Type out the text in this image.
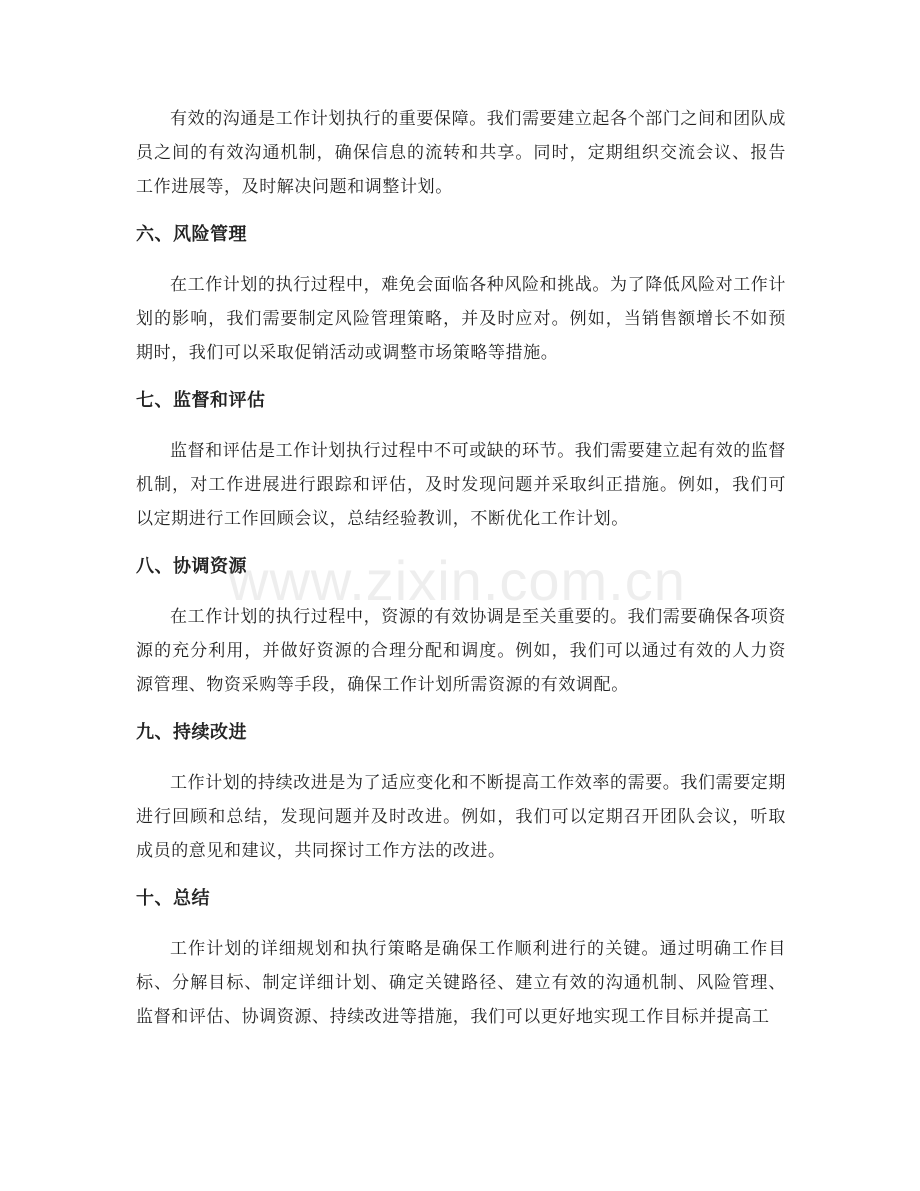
有效的沟通是工作计划执行的重要保障。我们需要建立起各个部门之间和团队成员之间的有效沟通机制，确保信息的流转和共享。同时，定期组织交流会议、报告工作进展等，及时解决问题和调整计划。

六、风险管理

在工作计划的执行过程中，难免会面临各种风险和挑战。为了降低风险对工作计划的影响，我们需要制定风险管理策略，并及时应对。例如，当销售额增长不如预期时，我们可以采取促销活动或调整市场策略等措施。

七、监督和评估

监督和评估是工作计划执行过程中不可或缺的环节。我们需要建立起有效的监督机制，对工作进展进行跟踪和评估，及时发现问题并采取纠正措施。例如，我们可以定期进行工作回顾会议，总结经验教训，不断优化工作计划。

八、协调资源

在工作计划的执行过程中，资源的有效协调是至关重要的。我们需要确保各项资源的充分利用，并做好资源的合理分配和调度。例如，我们可以通过有效的人力资源管理、物资采购等手段，确保工作计划所需资源的有效调配。

九、持续改进

工作计划的持续改进是为了适应变化和不断提高工作效率的需要。我们需要定期进行回顾和总结，发现问题并及时改进。例如，我们可以定期召开团队会议，听取成员的意见和建议，共同探讨工作方法的改进。

十、总结

工作计划的详细规划和执行策略是确保工作顺利进行的关键。通过明确工作目标、分解目标、制定详细计划、确定关键路径、建立有效的沟通机制、风险管理、监督和评估、协调资源、持续改进等措施，我们可以更好地实现工作目标并提高工

www.zixin.com.cn
